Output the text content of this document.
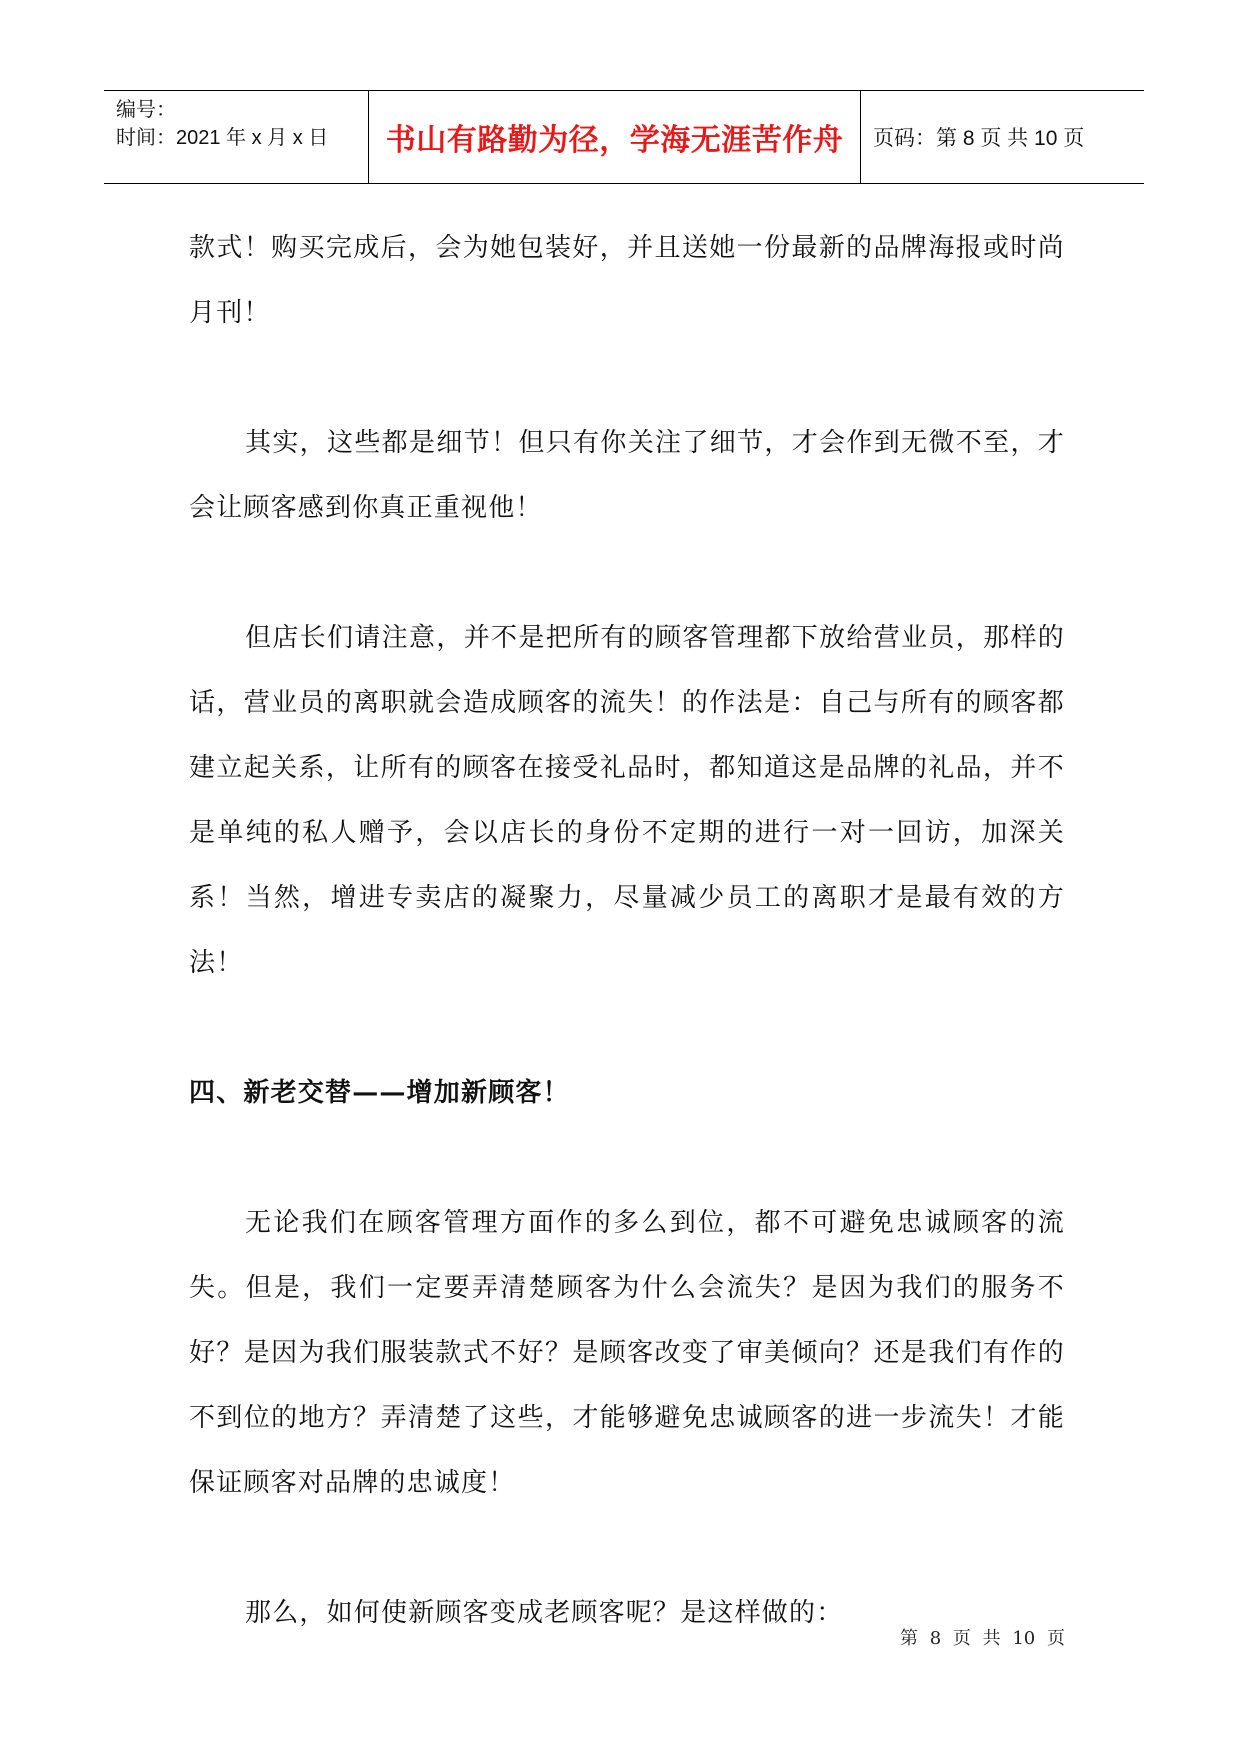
编号：
时间：2021 年 x 月 x 日	书山有路勤为径，学海无涯苦作舟	页码：第 8 页 共 10 页

款式！购买完成后，会为她包装好，并且送她一份最新的品牌海报或时尚月刊！

其实，这些都是细节！但只有你关注了细节，才会作到无微不至，才会让顾客感到你真正重视他！

但店长们请注意，并不是把所有的顾客管理都下放给营业员，那样的话，营业员的离职就会造成顾客的流失！的作法是：自己与所有的顾客都建立起关系，让所有的顾客在接受礼品时，都知道这是品牌的礼品，并不是单纯的私人赠予，会以店长的身份不定期的进行一对一回访，加深关系！当然，增进专卖店的凝聚力，尽量减少员工的离职才是最有效的方法！

四、新老交替——增加新顾客！

无论我们在顾客管理方面作的多么到位，都不可避免忠诚顾客的流失。但是，我们一定要弄清楚顾客为什么会流失？是因为我们的服务不好？是因为我们服装款式不好？是顾客改变了审美倾向？还是我们有作的不到位的地方？弄清楚了这些，才能够避免忠诚顾客的进一步流失！才能保证顾客对品牌的忠诚度！

那么，如何使新顾客变成老顾客呢？是这样做的：

第 8 页 共 10 页
